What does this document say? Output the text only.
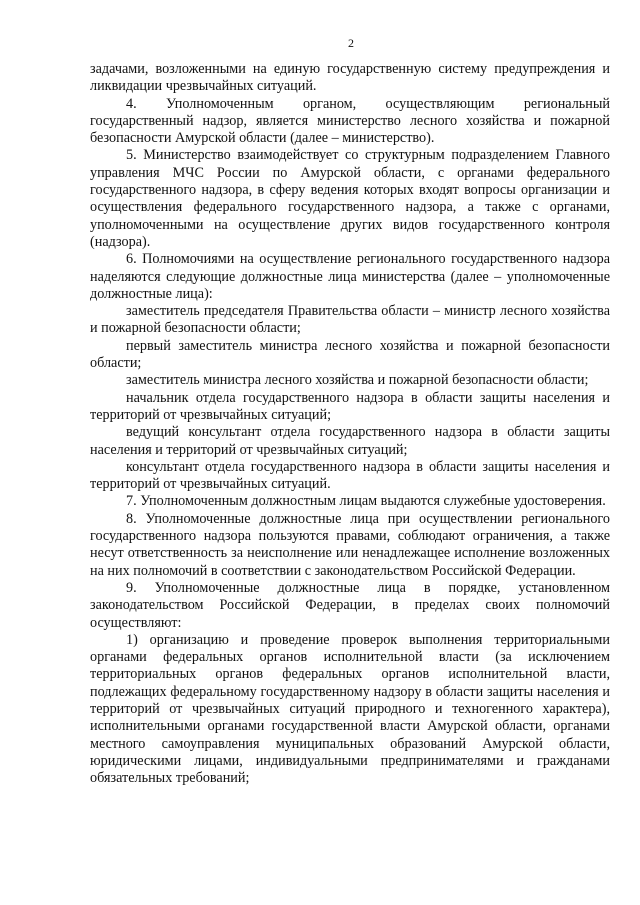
2

задачами, возложенными на единую государственную систему предупреждения и ликвидации чрезвычайных ситуаций.

4. Уполномоченным органом, осуществляющим региональный государственный надзор, является министерство лесного хозяйства и пожарной безопасности Амурской области (далее – министерство).

5. Министерство взаимодействует со структурным подразделением Главного управления МЧС России по Амурской области, с органами федерального государственного надзора, в сферу ведения которых входят вопросы организации и осуществления федерального государственного надзора, а также с органами, уполномоченными на осуществление других видов государственного контроля (надзора).

6. Полномочиями на осуществление регионального государственного надзора наделяются следующие должностные лица министерства (далее – уполномоченные должностные лица):

заместитель председателя Правительства области – министр лесного хозяйства и пожарной безопасности области;

первый заместитель министра лесного хозяйства и пожарной безопасности области;

заместитель министра лесного хозяйства и пожарной безопасности области;

начальник отдела государственного надзора в области защиты населения и территорий от чрезвычайных ситуаций;

ведущий консультант отдела государственного надзора в области защиты населения и территорий от чрезвычайных ситуаций;

консультант отдела государственного надзора в области защиты населения и территорий от чрезвычайных ситуаций.

7. Уполномоченным должностным лицам выдаются служебные удостоверения.

8. Уполномоченные должностные лица при осуществлении регионального государственного надзора пользуются правами, соблюдают ограничения, а также несут ответственность за неисполнение или ненадлежащее исполнение возложенных на них полномочий в соответствии с законодательством Российской Федерации.

9. Уполномоченные должностные лица в порядке, установленном законодательством Российской Федерации, в пределах своих полномочий осуществляют:

1) организацию и проведение проверок выполнения территориальными органами федеральных органов исполнительной власти (за исключением территориальных органов федеральных органов исполнительной власти, подлежащих федеральному государственному надзору в области защиты населения и территорий от чрезвычайных ситуаций природного и техногенного характера), исполнительными органами государственной власти Амурской области, органами местного самоуправления муниципальных образований Амурской области, юридическими лицами, индивидуальными предпринимателями и гражданами обязательных требований;
